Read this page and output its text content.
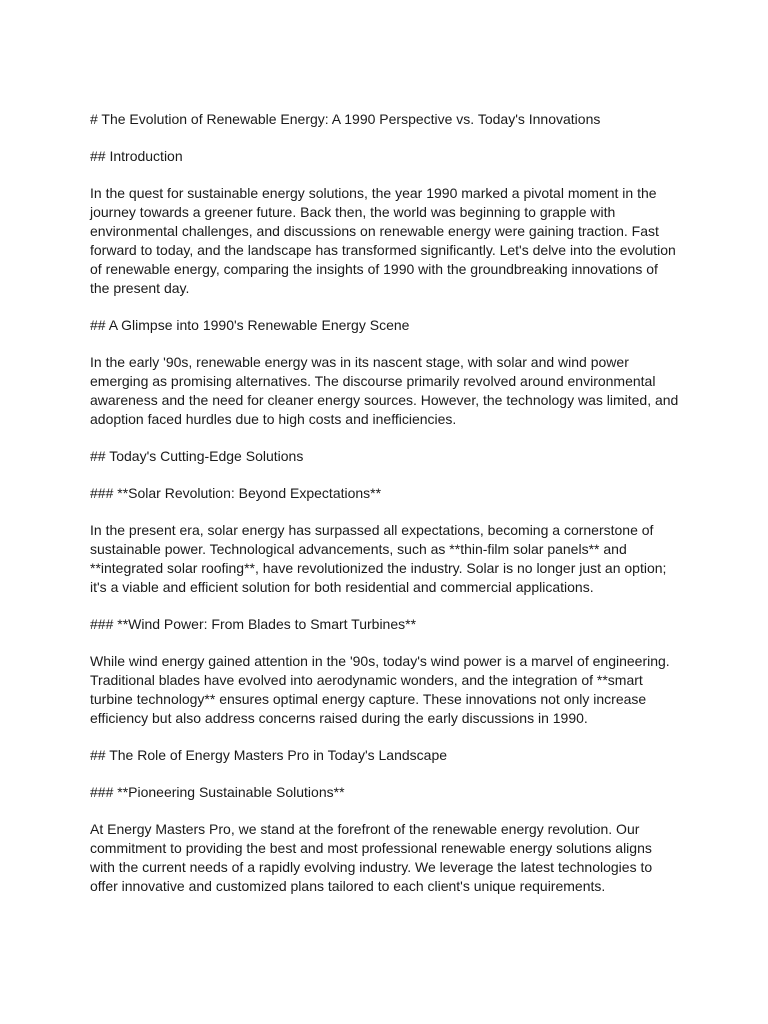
# The Evolution of Renewable Energy: A 1990 Perspective vs. Today's Innovations

## Introduction

In the quest for sustainable energy solutions, the year 1990 marked a pivotal moment in the journey towards a greener future. Back then, the world was beginning to grapple with environmental challenges, and discussions on renewable energy were gaining traction. Fast forward to today, and the landscape has transformed significantly. Let's delve into the evolution of renewable energy, comparing the insights of 1990 with the groundbreaking innovations of the present day.

## A Glimpse into 1990's Renewable Energy Scene

In the early '90s, renewable energy was in its nascent stage, with solar and wind power emerging as promising alternatives. The discourse primarily revolved around environmental awareness and the need for cleaner energy sources. However, the technology was limited, and adoption faced hurdles due to high costs and inefficiencies.

## Today's Cutting-Edge Solutions

### **Solar Revolution: Beyond Expectations**

In the present era, solar energy has surpassed all expectations, becoming a cornerstone of sustainable power. Technological advancements, such as **thin-film solar panels** and **integrated solar roofing**, have revolutionized the industry. Solar is no longer just an option; it's a viable and efficient solution for both residential and commercial applications.

### **Wind Power: From Blades to Smart Turbines**

While wind energy gained attention in the '90s, today's wind power is a marvel of engineering. Traditional blades have evolved into aerodynamic wonders, and the integration of **smart turbine technology** ensures optimal energy capture. These innovations not only increase efficiency but also address concerns raised during the early discussions in 1990.

## The Role of Energy Masters Pro in Today's Landscape

### **Pioneering Sustainable Solutions**

At Energy Masters Pro, we stand at the forefront of the renewable energy revolution. Our commitment to providing the best and most professional renewable energy solutions aligns with the current needs of a rapidly evolving industry. We leverage the latest technologies to offer innovative and customized plans tailored to each client's unique requirements.
